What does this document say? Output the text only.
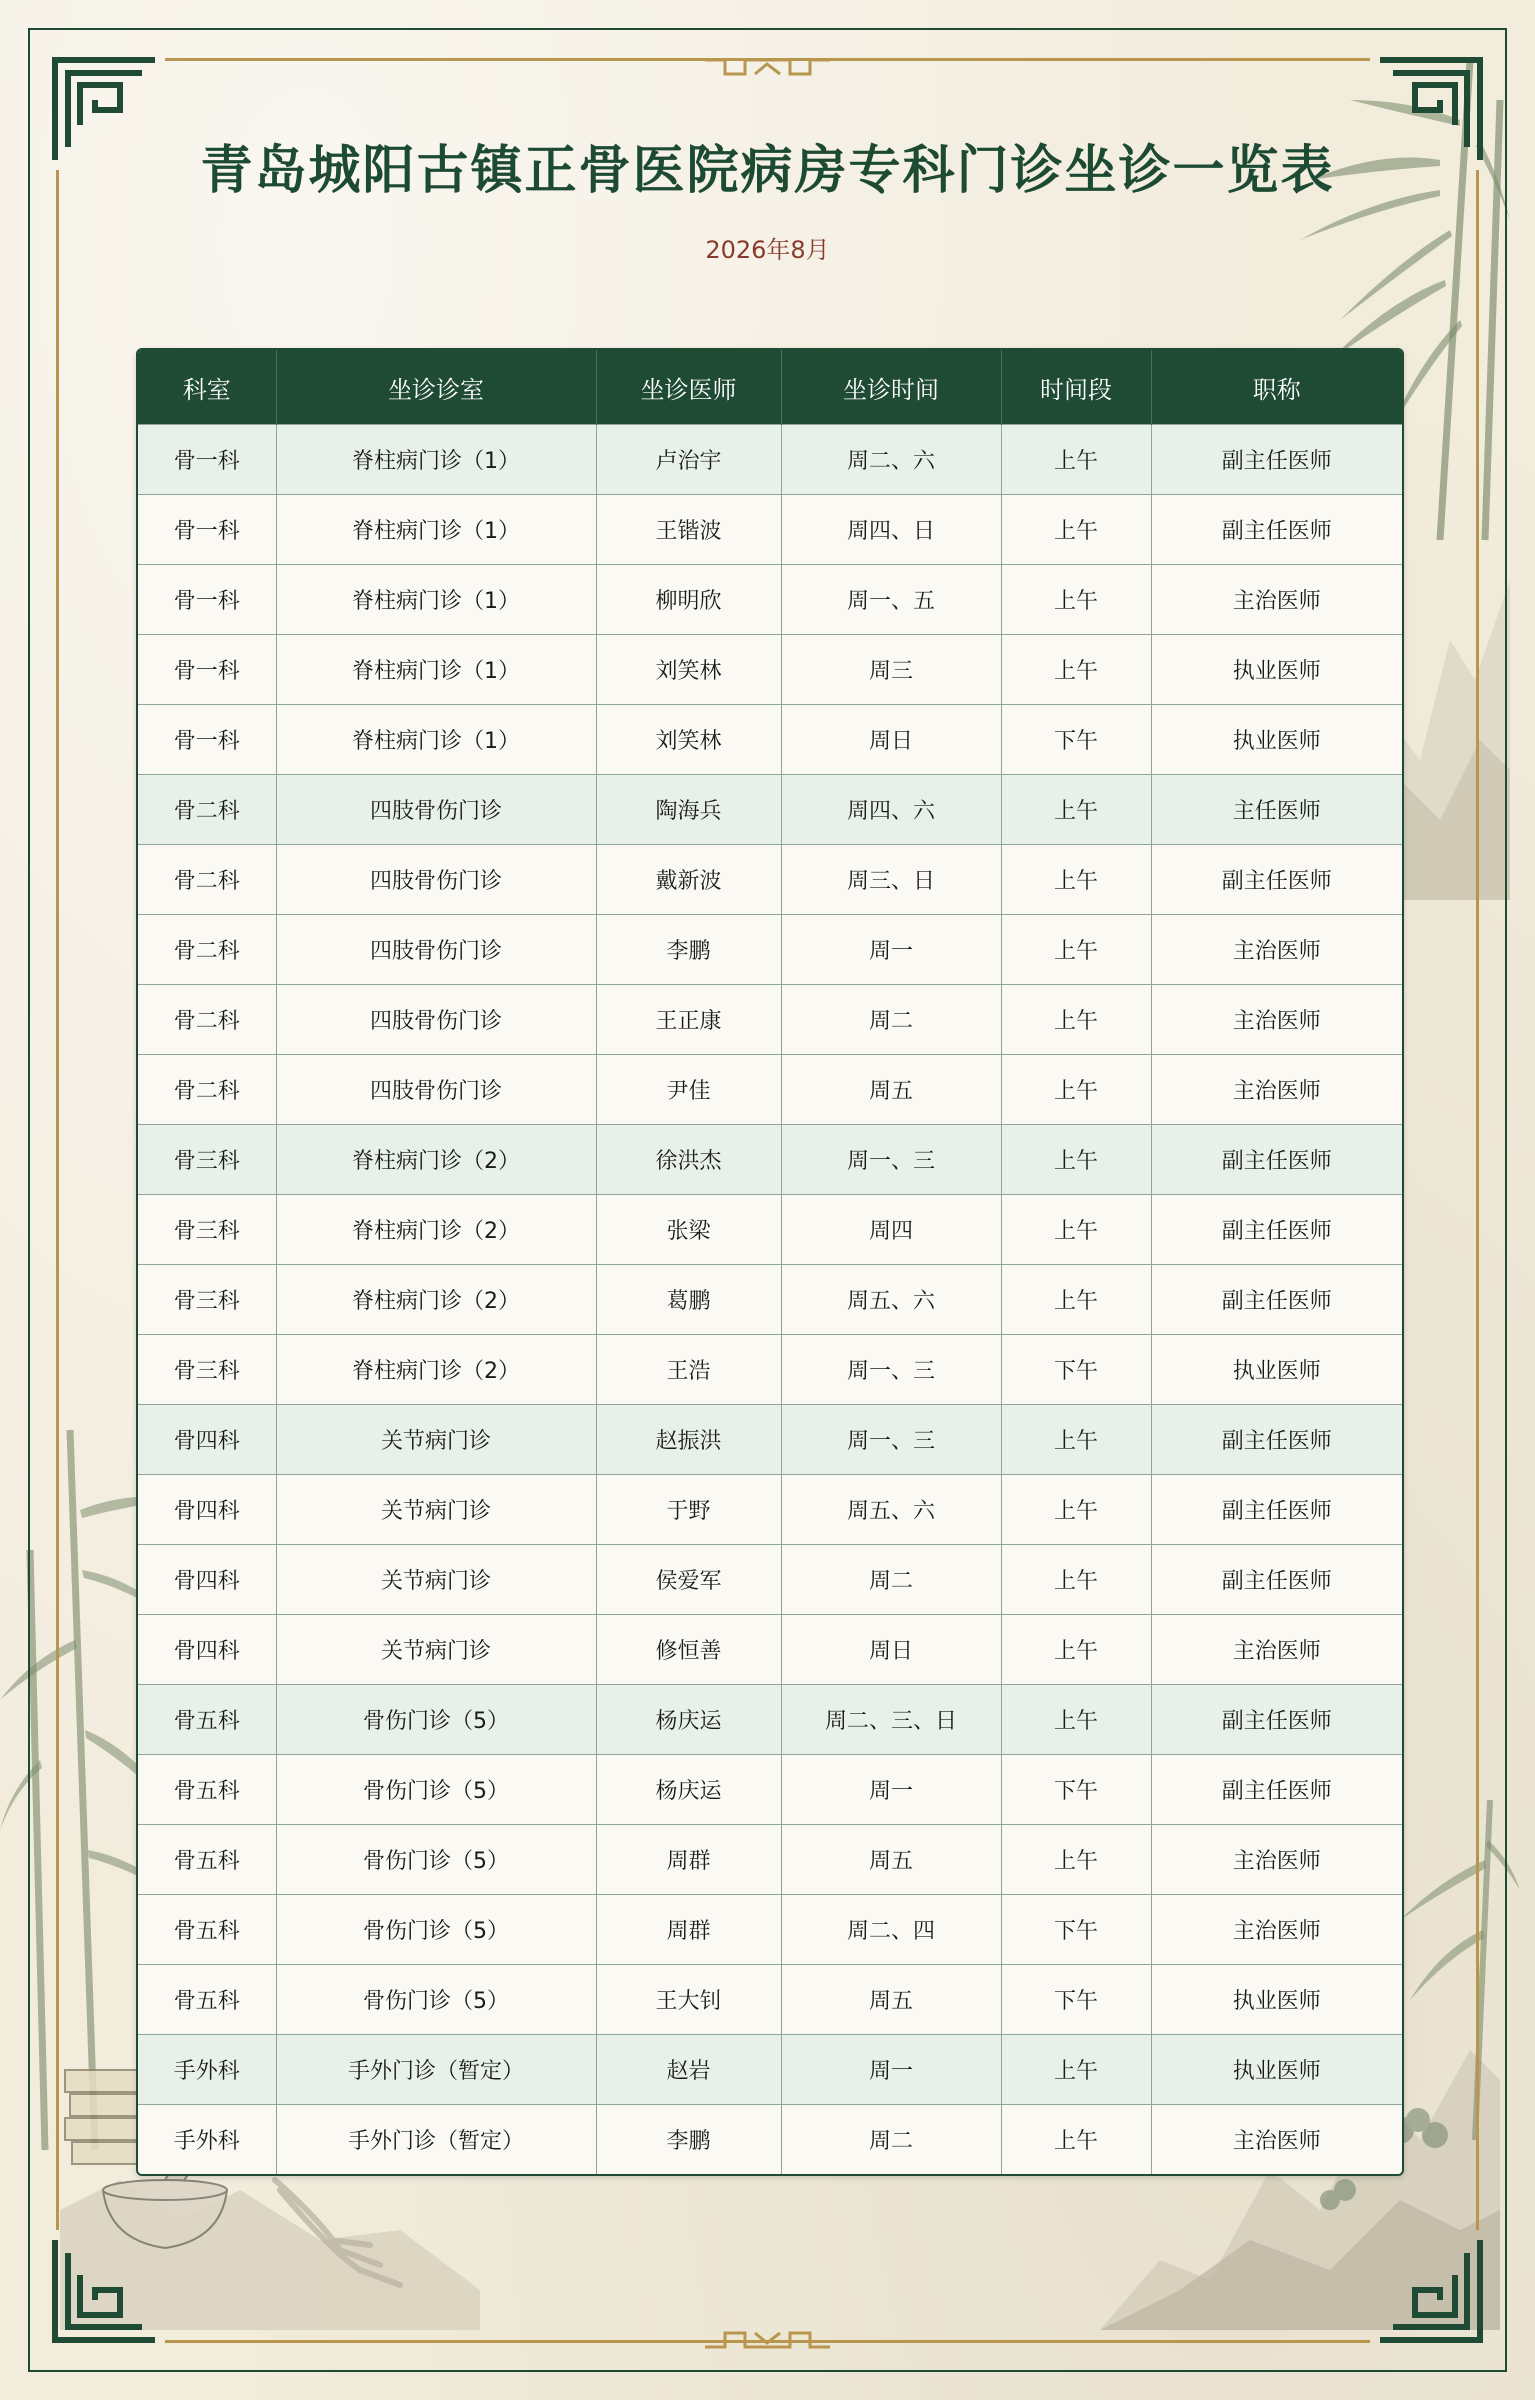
青岛城阳古镇正骨医院病房专科门诊坐诊一览表
2026年8月
科室	坐诊诊室	坐诊医师	坐诊时间	时间段	职称
骨一科	脊柱病门诊（1）	卢治宇	周二、六	上午	副主任医师
骨一科	脊柱病门诊（1）	王锴波	周四、日	上午	副主任医师
骨一科	脊柱病门诊（1）	柳明欣	周一、五	上午	主治医师
骨一科	脊柱病门诊（1）	刘笑林	周三	上午	执业医师
骨一科	脊柱病门诊（1）	刘笑林	周日	下午	执业医师
骨二科	四肢骨伤门诊	陶海兵	周四、六	上午	主任医师
骨二科	四肢骨伤门诊	戴新波	周三、日	上午	副主任医师
骨二科	四肢骨伤门诊	李鹏	周一	上午	主治医师
骨二科	四肢骨伤门诊	王正康	周二	上午	主治医师
骨二科	四肢骨伤门诊	尹佳	周五	上午	主治医师
骨三科	脊柱病门诊（2）	徐洪杰	周一、三	上午	副主任医师
骨三科	脊柱病门诊（2）	张梁	周四	上午	副主任医师
骨三科	脊柱病门诊（2）	葛鹏	周五、六	上午	副主任医师
骨三科	脊柱病门诊（2）	王浩	周一、三	下午	执业医师
骨四科	关节病门诊	赵振洪	周一、三	上午	副主任医师
骨四科	关节病门诊	于野	周五、六	上午	副主任医师
骨四科	关节病门诊	侯爱军	周二	上午	副主任医师
骨四科	关节病门诊	修恒善	周日	上午	主治医师
骨五科	骨伤门诊（5）	杨庆运	周二、三、日	上午	副主任医师
骨五科	骨伤门诊（5）	杨庆运	周一	下午	副主任医师
骨五科	骨伤门诊（5）	周群	周五	上午	主治医师
骨五科	骨伤门诊（5）	周群	周二、四	下午	主治医师
骨五科	骨伤门诊（5）	王大钊	周五	下午	执业医师
手外科	手外门诊（暂定）	赵岩	周一	上午	执业医师
手外科	手外门诊（暂定）	李鹏	周二	上午	主治医师
